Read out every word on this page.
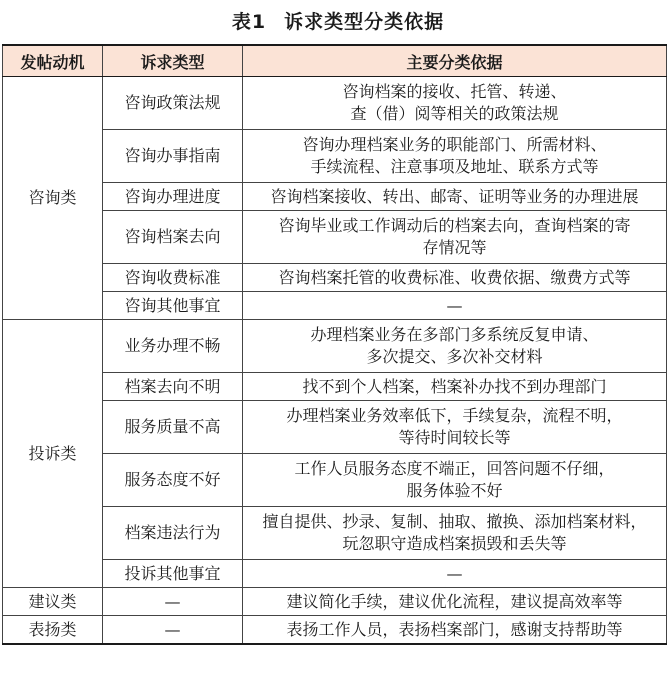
表1 诉求类型分类依据
发帖动机	诉求类型	主要分类依据
咨询类	咨询政策法规	咨询档案的接收、托管、转递、
查（借）阅等相关的政策法规
	咨询办事指南	咨询办理档案业务的职能部门、所需材料、
手续流程、注意事项及地址、联系方式等
	咨询办理进度	咨询档案接收、转出、邮寄、证明等业务的办理进展
	咨询档案去向	咨询毕业或工作调动后的档案去向，查询档案的寄
存情况等
	咨询收费标准	咨询档案托管的收费标准、收费依据、缴费方式等
	咨询其他事宜	—
投诉类	业务办理不畅	办理档案业务在多部门多系统反复申请、
多次提交、多次补交材料
	档案去向不明	找不到个人档案，档案补办找不到办理部门
	服务质量不高	办理档案业务效率低下，手续复杂，流程不明，
等待时间较长等
	服务态度不好	工作人员服务态度不端正，回答问题不仔细，
服务体验不好
	档案违法行为	擅自提供、抄录、复制、抽取、撤换、添加档案材料，
玩忽职守造成档案损毁和丢失等
	投诉其他事宜	—
建议类	—	建议简化手续，建议优化流程，建议提高效率等
表扬类	—	表扬工作人员，表扬档案部门，感谢支持帮助等
